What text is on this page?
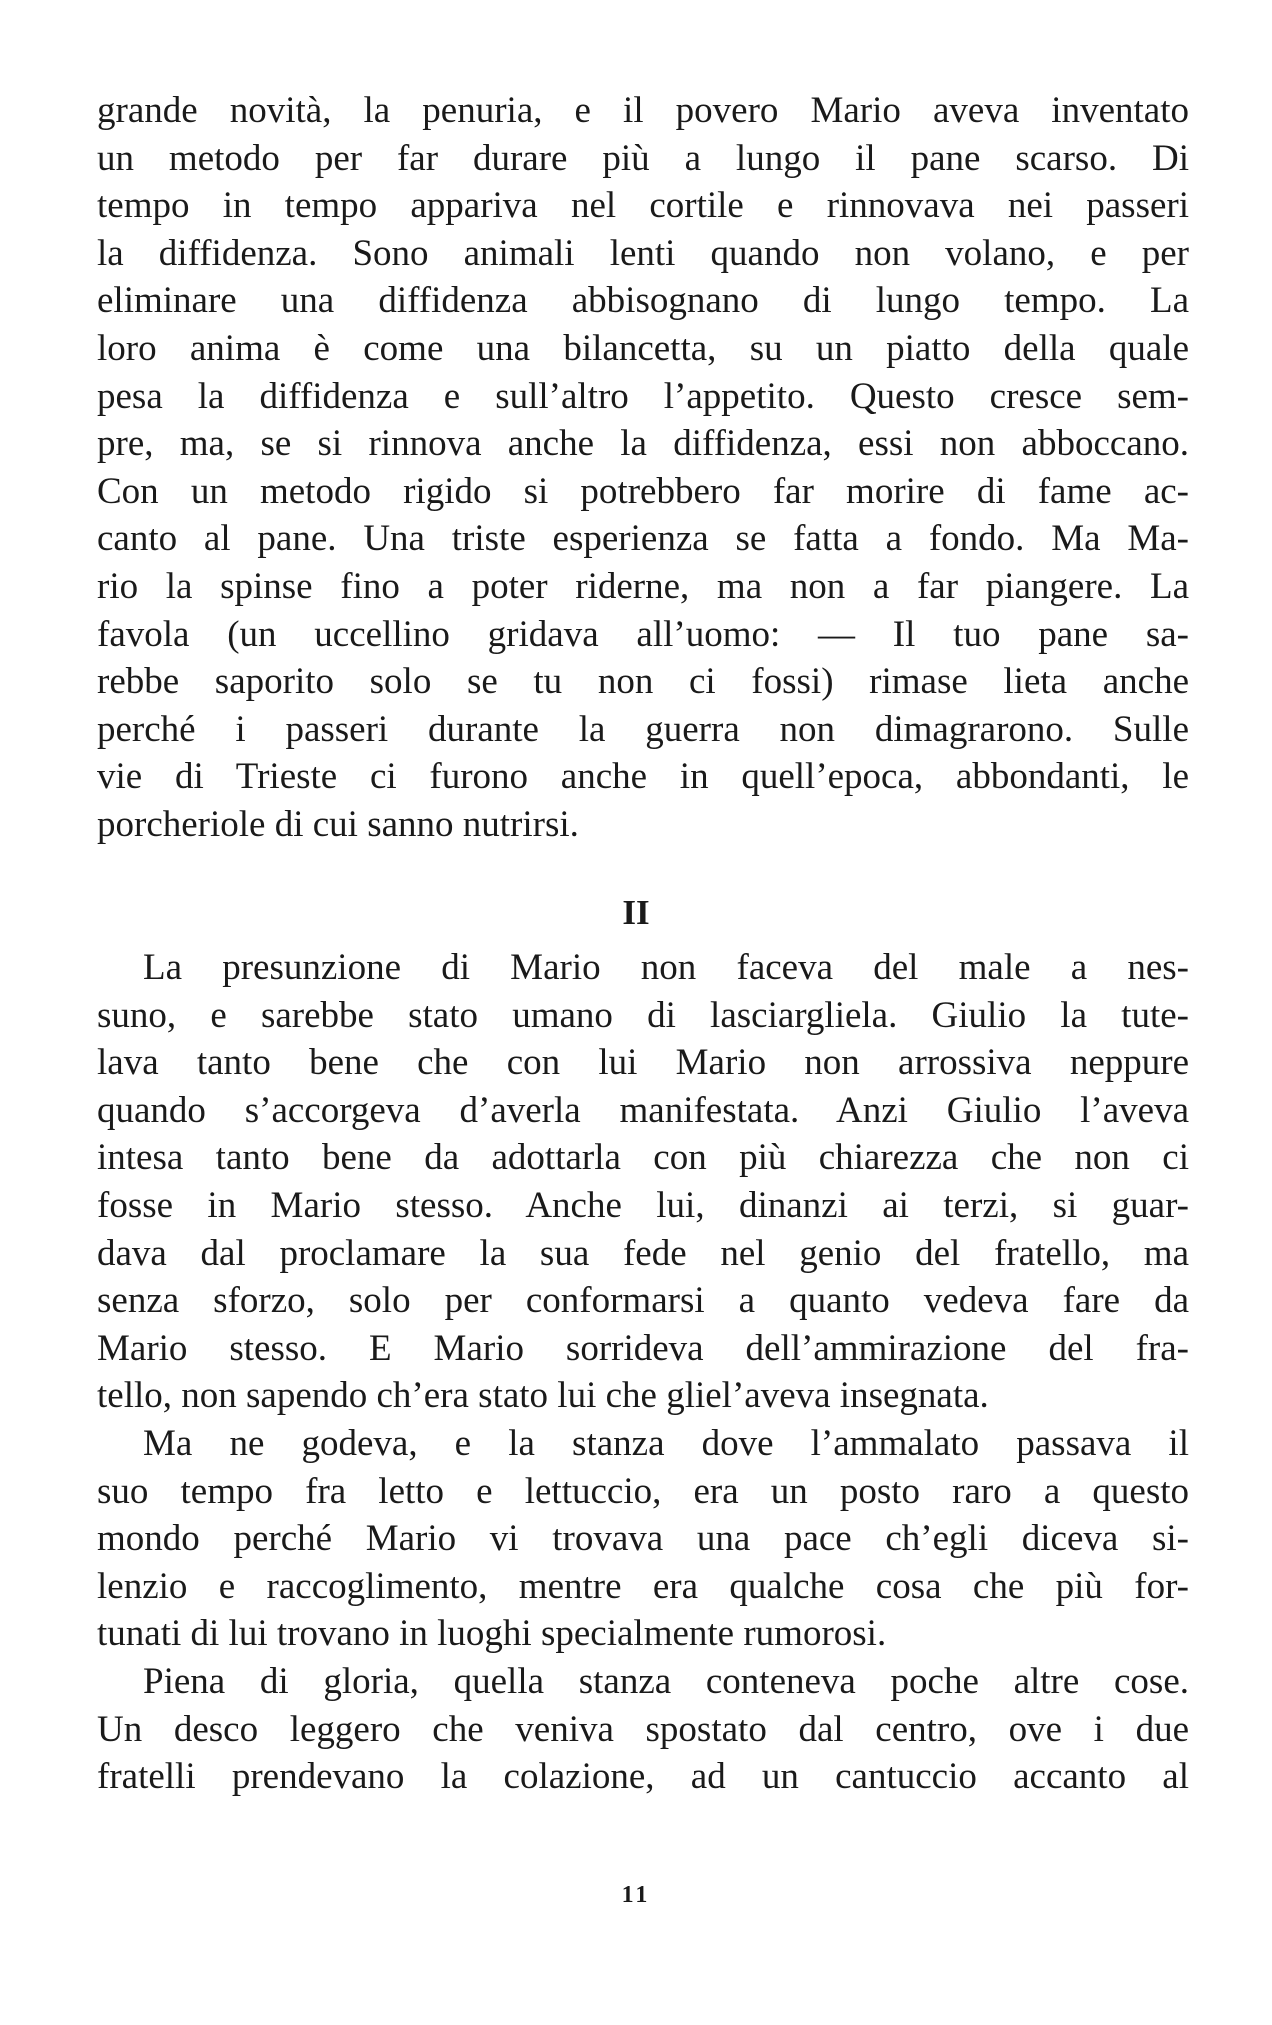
grande novità, la penuria, e il povero Mario aveva inventato
un metodo per far durare più a lungo il pane scarso. Di
tempo in tempo appariva nel cortile e rinnovava nei passeri
la diffidenza. Sono animali lenti quando non volano, e per
eliminare una diffidenza abbisognano di lungo tempo. La
loro anima è come una bilancetta, su un piatto della quale
pesa la diffidenza e sull’altro l’appetito. Questo cresce sem-
pre, ma, se si rinnova anche la diffidenza, essi non abboccano.
Con un metodo rigido si potrebbero far morire di fame ac-
canto al pane. Una triste esperienza se fatta a fondo. Ma Ma-
rio la spinse fino a poter riderne, ma non a far piangere. La
favola (un uccellino gridava all’uomo: — Il tuo pane sa-
rebbe saporito solo se tu non ci fossi) rimase lieta anche
perché i passeri durante la guerra non dimagrarono. Sulle
vie di Trieste ci furono anche in quell’epoca, abbondanti, le
porcheriole di cui sanno nutrirsi.

II

La presunzione di Mario non faceva del male a nes-
suno, e sarebbe stato umano di lasciargliela. Giulio la tute-
lava tanto bene che con lui Mario non arrossiva neppure
quando s’accorgeva d’averla manifestata. Anzi Giulio l’aveva
intesa tanto bene da adottarla con più chiarezza che non ci
fosse in Mario stesso. Anche lui, dinanzi ai terzi, si guar-
dava dal proclamare la sua fede nel genio del fratello, ma
senza sforzo, solo per conformarsi a quanto vedeva fare da
Mario stesso. E Mario sorrideva dell’ammirazione del fra-
tello, non sapendo ch’era stato lui che gliel’aveva insegnata.

Ma ne godeva, e la stanza dove l’ammalato passava il
suo tempo fra letto e lettuccio, era un posto raro a questo
mondo perché Mario vi trovava una pace ch’egli diceva si-
lenzio e raccoglimento, mentre era qualche cosa che più for-
tunati di lui trovano in luoghi specialmente rumorosi.

Piena di gloria, quella stanza conteneva poche altre cose.
Un desco leggero che veniva spostato dal centro, ove i due
fratelli prendevano la colazione, ad un cantuccio accanto al

11
